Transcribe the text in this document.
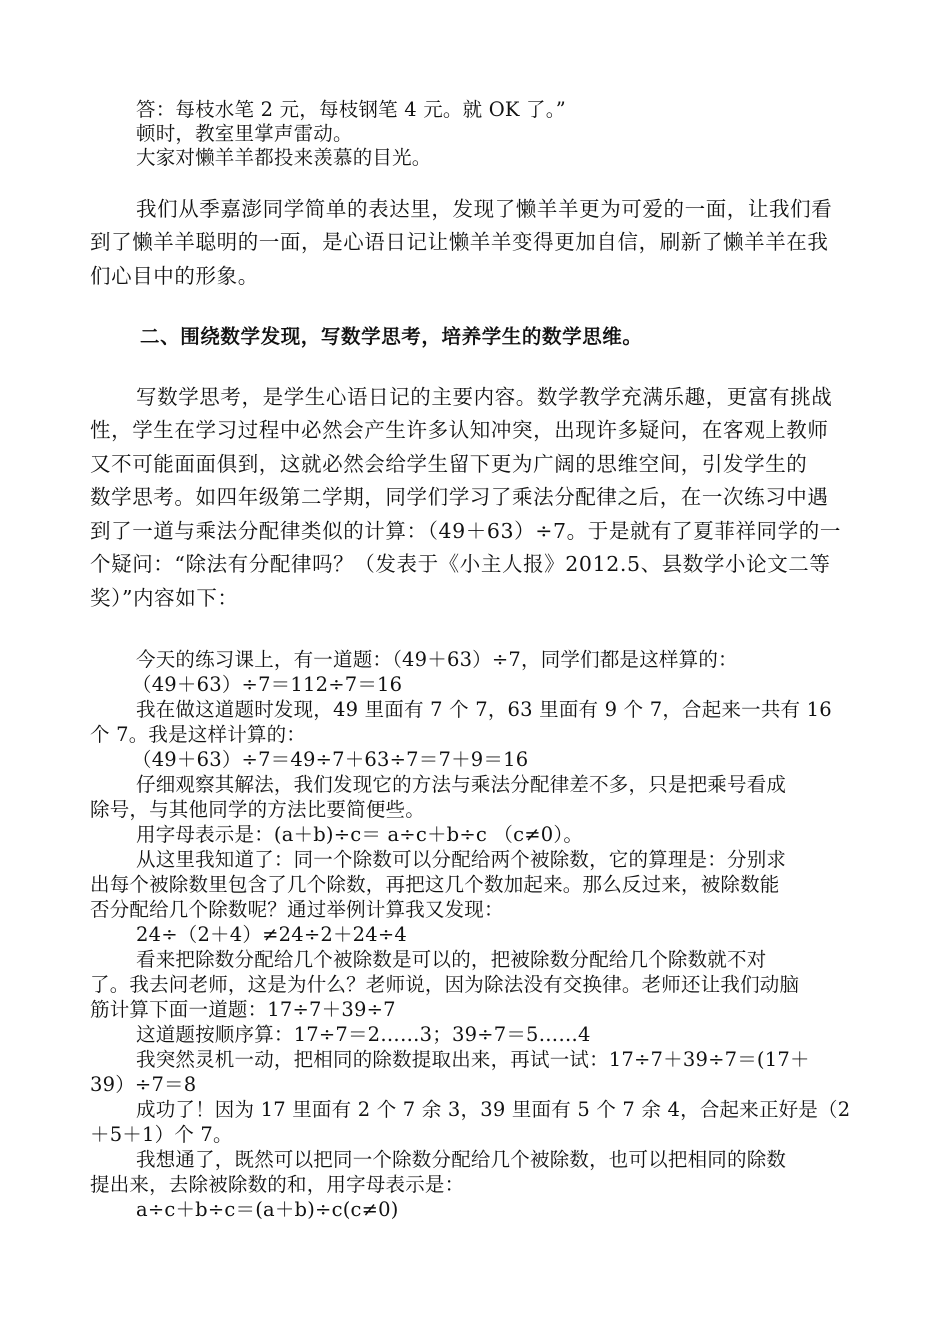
答：每枝水笔 2 元，每枝钢笔 4 元。就 OK 了。”
顿时，教室里掌声雷动。
大家对懒羊羊都投来羡慕的目光。
我们从季嘉澎同学简单的表达里，发现了懒羊羊更为可爱的一面，让我们看
到了懒羊羊聪明的一面，是心语日记让懒羊羊变得更加自信，刷新了懒羊羊在我
们心目中的形象。
二、围绕数学发现，写数学思考，培养学生的数学思维。
写数学思考，是学生心语日记的主要内容。数学教学充满乐趣，更富有挑战
性，学生在学习过程中必然会产生许多认知冲突，出现许多疑问，在客观上教师
又不可能面面俱到，这就必然会给学生留下更为广阔的思维空间，引发学生的
数学思考。如四年级第二学期，同学们学习了乘法分配律之后，在一次练习中遇
到了一道与乘法分配律类似的计算：（49＋63）÷7。于是就有了夏菲祥同学的一
个疑问：“除法有分配律吗？（发表于《小主人报》2012.5、县数学小论文二等
奖）”内容如下：
今天的练习课上，有一道题：（49＋63）÷7，同学们都是这样算的：
（49＋63）÷7＝112÷7＝16
我在做这道题时发现，49 里面有 7 个 7，63 里面有 9 个 7，合起来一共有 16
个 7。我是这样计算的：
（49＋63）÷7＝49÷7＋63÷7＝7＋9＝16
仔细观察其解法，我们发现它的方法与乘法分配律差不多，只是把乘号看成
除号，与其他同学的方法比要简便些。
用字母表示是：(a＋b)÷c＝ a÷c＋b÷c （c≠0）。
从这里我知道了：同一个除数可以分配给两个被除数，它的算理是：分别求
出每个被除数里包含了几个除数，再把这几个数加起来。那么反过来，被除数能
否分配给几个除数呢？通过举例计算我又发现：
24÷（2＋4）≠24÷2＋24÷4
看来把除数分配给几个被除数是可以的，把被除数分配给几个除数就不对
了。我去问老师，这是为什么？老师说，因为除法没有交换律。老师还让我们动脑
筋计算下面一道题：17÷7＋39÷7
这道题按顺序算：17÷7＝2……3；39÷7＝5……4
我突然灵机一动，把相同的除数提取出来，再试一试：17÷7＋39÷7＝(17＋
39）÷7＝8
成功了！因为 17 里面有 2 个 7 余 3，39 里面有 5 个 7 余 4，合起来正好是（2
＋5＋1）个 7。
我想通了，既然可以把同一个除数分配给几个被除数，也可以把相同的除数
提出来，去除被除数的和，用字母表示是：
a÷c＋b÷c＝(a＋b)÷c(c≠0)
